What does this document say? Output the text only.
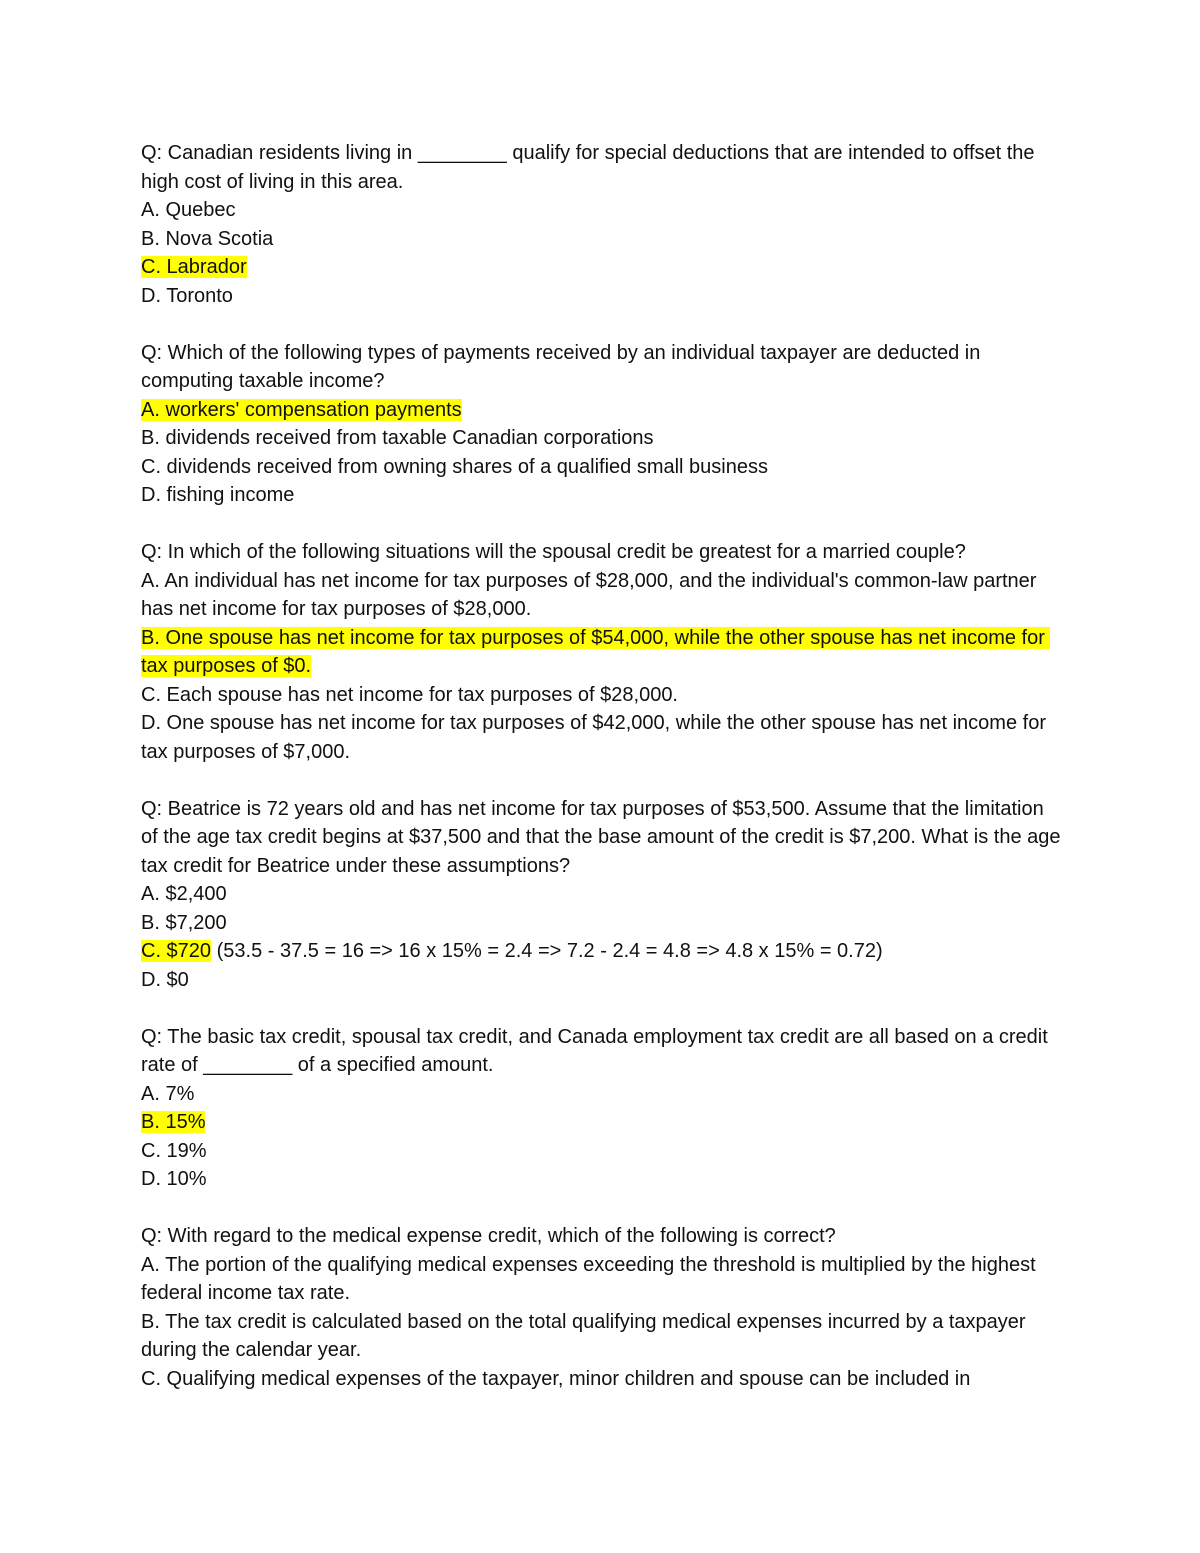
Q: Canadian residents living in ________ qualify for special deductions that are intended to offset the high cost of living in this area.
A. Quebec
B. Nova Scotia
C. Labrador
D. Toronto
Q: Which of the following types of payments received by an individual taxpayer are deducted in computing taxable income?
A. workers' compensation payments
B. dividends received from taxable Canadian corporations
C. dividends received from owning shares of a qualified small business
D. fishing income
Q: In which of the following situations will the spousal credit be greatest for a married couple?
A. An individual has net income for tax purposes of $28,000, and the individual's common-law partner has net income for tax purposes of $28,000.
B. One spouse has net income for tax purposes of $54,000, while the other spouse has net income for tax purposes of $0.
C. Each spouse has net income for tax purposes of $28,000.
D. One spouse has net income for tax purposes of $42,000, while the other spouse has net income for tax purposes of $7,000.
Q: Beatrice is 72 years old and has net income for tax purposes of $53,500. Assume that the limitation of the age tax credit begins at $37,500 and that the base amount of the credit is $7,200. What is the age tax credit for Beatrice under these assumptions?
A. $2,400
B. $7,200
C. $720 (53.5 - 37.5 = 16 => 16 x 15% = 2.4 => 7.2 - 2.4 = 4.8 => 4.8 x 15% = 0.72)
D. $0
Q: The basic tax credit, spousal tax credit, and Canada employment tax credit are all based on a credit rate of ________ of a specified amount.
A. 7%
B. 15%
C. 19%
D. 10%
Q: With regard to the medical expense credit, which of the following is correct?
A. The portion of the qualifying medical expenses exceeding the threshold is multiplied by the highest federal income tax rate.
B. The tax credit is calculated based on the total qualifying medical expenses incurred by a taxpayer during the calendar year.
C. Qualifying medical expenses of the taxpayer, minor children and spouse can be included in
